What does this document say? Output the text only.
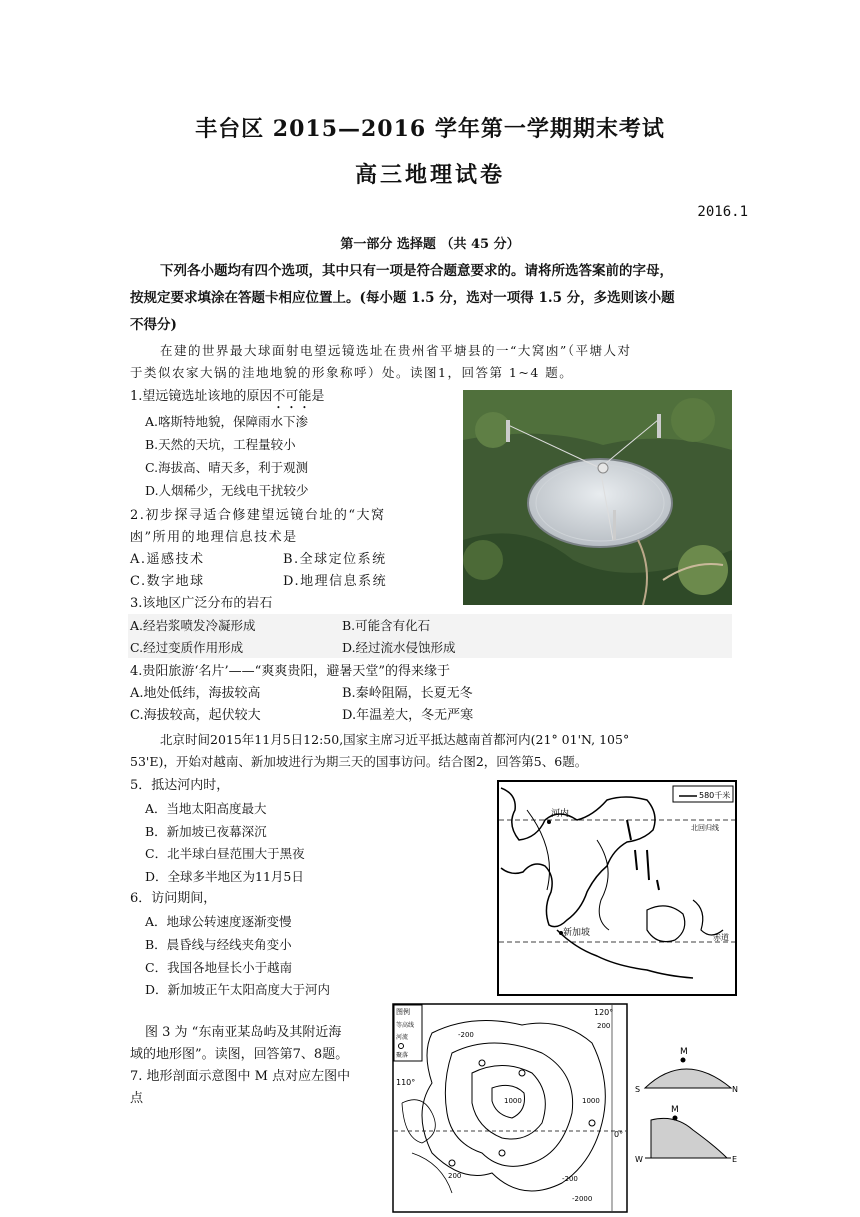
丰台区 2015—2016 学年第一学期期末考试
高三地理试卷
2016.1
第一部分 选择题 （共 45 分）
下列各小题均有四个选项，其中只有一项是符合题意要求的。请将所选答案前的字母，
按规定要求填涂在答题卡相应位置上。(每小题 1.5 分，选对一项得 1.5 分，多选则该小题
不得分)
在建的世界最大球面射电望远镜选址在贵州省平塘县的一“大窝凼”（平塘人对
于类似农家大锅的洼地地貌的形象称呼）处。读图1，回答第 1~4 题。
1.望远镜选址该地的原因不可能是
A.喀斯特地貌，保障雨水下渗
B.天然的天坑，工程量较小
C.海拔高、晴天多，利于观测
D.人烟稀少，无线电干扰较少
2.初步探寻适合修建望远镜台址的“大窝
凼”所用的地理信息技术是
A.遥感技术	B.全球定位系统
C.数字地球	D.地理信息系统
3.该地区广泛分布的岩石
A.经岩浆喷发冷凝形成	B.可能含有化石
C.经过变质作用形成	D.经过流水侵蚀形成
4.贵阳旅游‘名片’——“爽爽贵阳，避暑天堂”的得来缘于
A.地处低纬，海拔较高	B.秦岭阻隔，长夏无冬
C.海拔较高，起伏较大	D.年温差大，冬无严寒
北京时间2015年11月5日12:50,国家主席习近平抵达越南首都河内(21° 01'N, 105°
53'E)，开始对越南、新加坡进行为期三天的国事访问。结合图2，回答第5、6题。
5．抵达河内时，
A．当地太阳高度最大
B．新加坡已夜幕深沉
C．北半球白昼范围大于黑夜
D．全球多半地区为11月5日
6．访问期间，
A．地球公转速度逐渐变慢
B．晨昏线与经线夹角变小
C．我国各地昼长小于越南
D．新加坡正午太阳高度大于河内
580千米
河内
北回归线
新加坡	赤道
图 3 为 “东南亚某岛屿及其附近海
域的地形图”。读图，回答第7、8题。
7. 地形剖面示意图中 M 点对应左图中
点
图例
等高线
河流
聚落
120°
110°
0°
-200
1000	1000
200
200	-200
-2000
M
S	N
M
W	E
